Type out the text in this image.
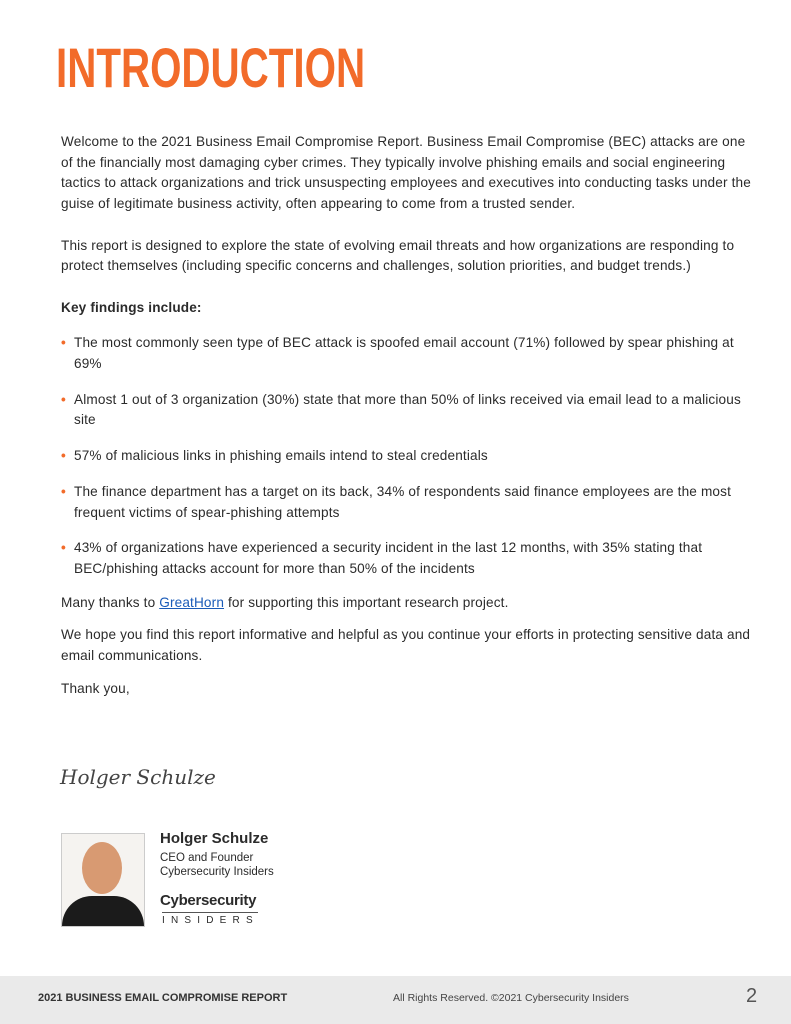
INTRODUCTION

Welcome to the 2021 Business Email Compromise Report. Business Email Compromise (BEC) attacks are one of the financially most damaging cyber crimes. They typically involve phishing emails and social engineering tactics to attack organizations and trick unsuspecting employees and executives into conducting tasks under the guise of legitimate business activity, often appearing to come from a trusted sender.

This report is designed to explore the state of evolving email threats and how organizations are responding to protect themselves (including specific concerns and challenges, solution priorities, and budget trends.)

Key findings include:

• The most commonly seen type of BEC attack is spoofed email account (71%) followed by spear phishing at 69%
• Almost 1 out of 3 organization (30%) state that more than 50% of links received via email lead to a malicious site
• 57% of malicious links in phishing emails intend to steal credentials
• The finance department has a target on its back, 34% of respondents said finance employees are the most frequent victims of spear-phishing attempts
• 43% of organizations have experienced a security incident in the last 12 months, with 35% stating that BEC/phishing attacks account for more than 50% of the incidents

Many thanks to GreatHorn for supporting this important research project.

We hope you find this report informative and helpful as you continue your efforts in protecting sensitive data and email communications.

Thank you,

Holger Schulze
Holger Schulze
CEO and Founder
Cybersecurity Insiders
Cybersecurity
INSIDERS
2021 BUSINESS EMAIL COMPROMISE REPORT	All Rights Reserved. ©2021 Cybersecurity Insiders	2
